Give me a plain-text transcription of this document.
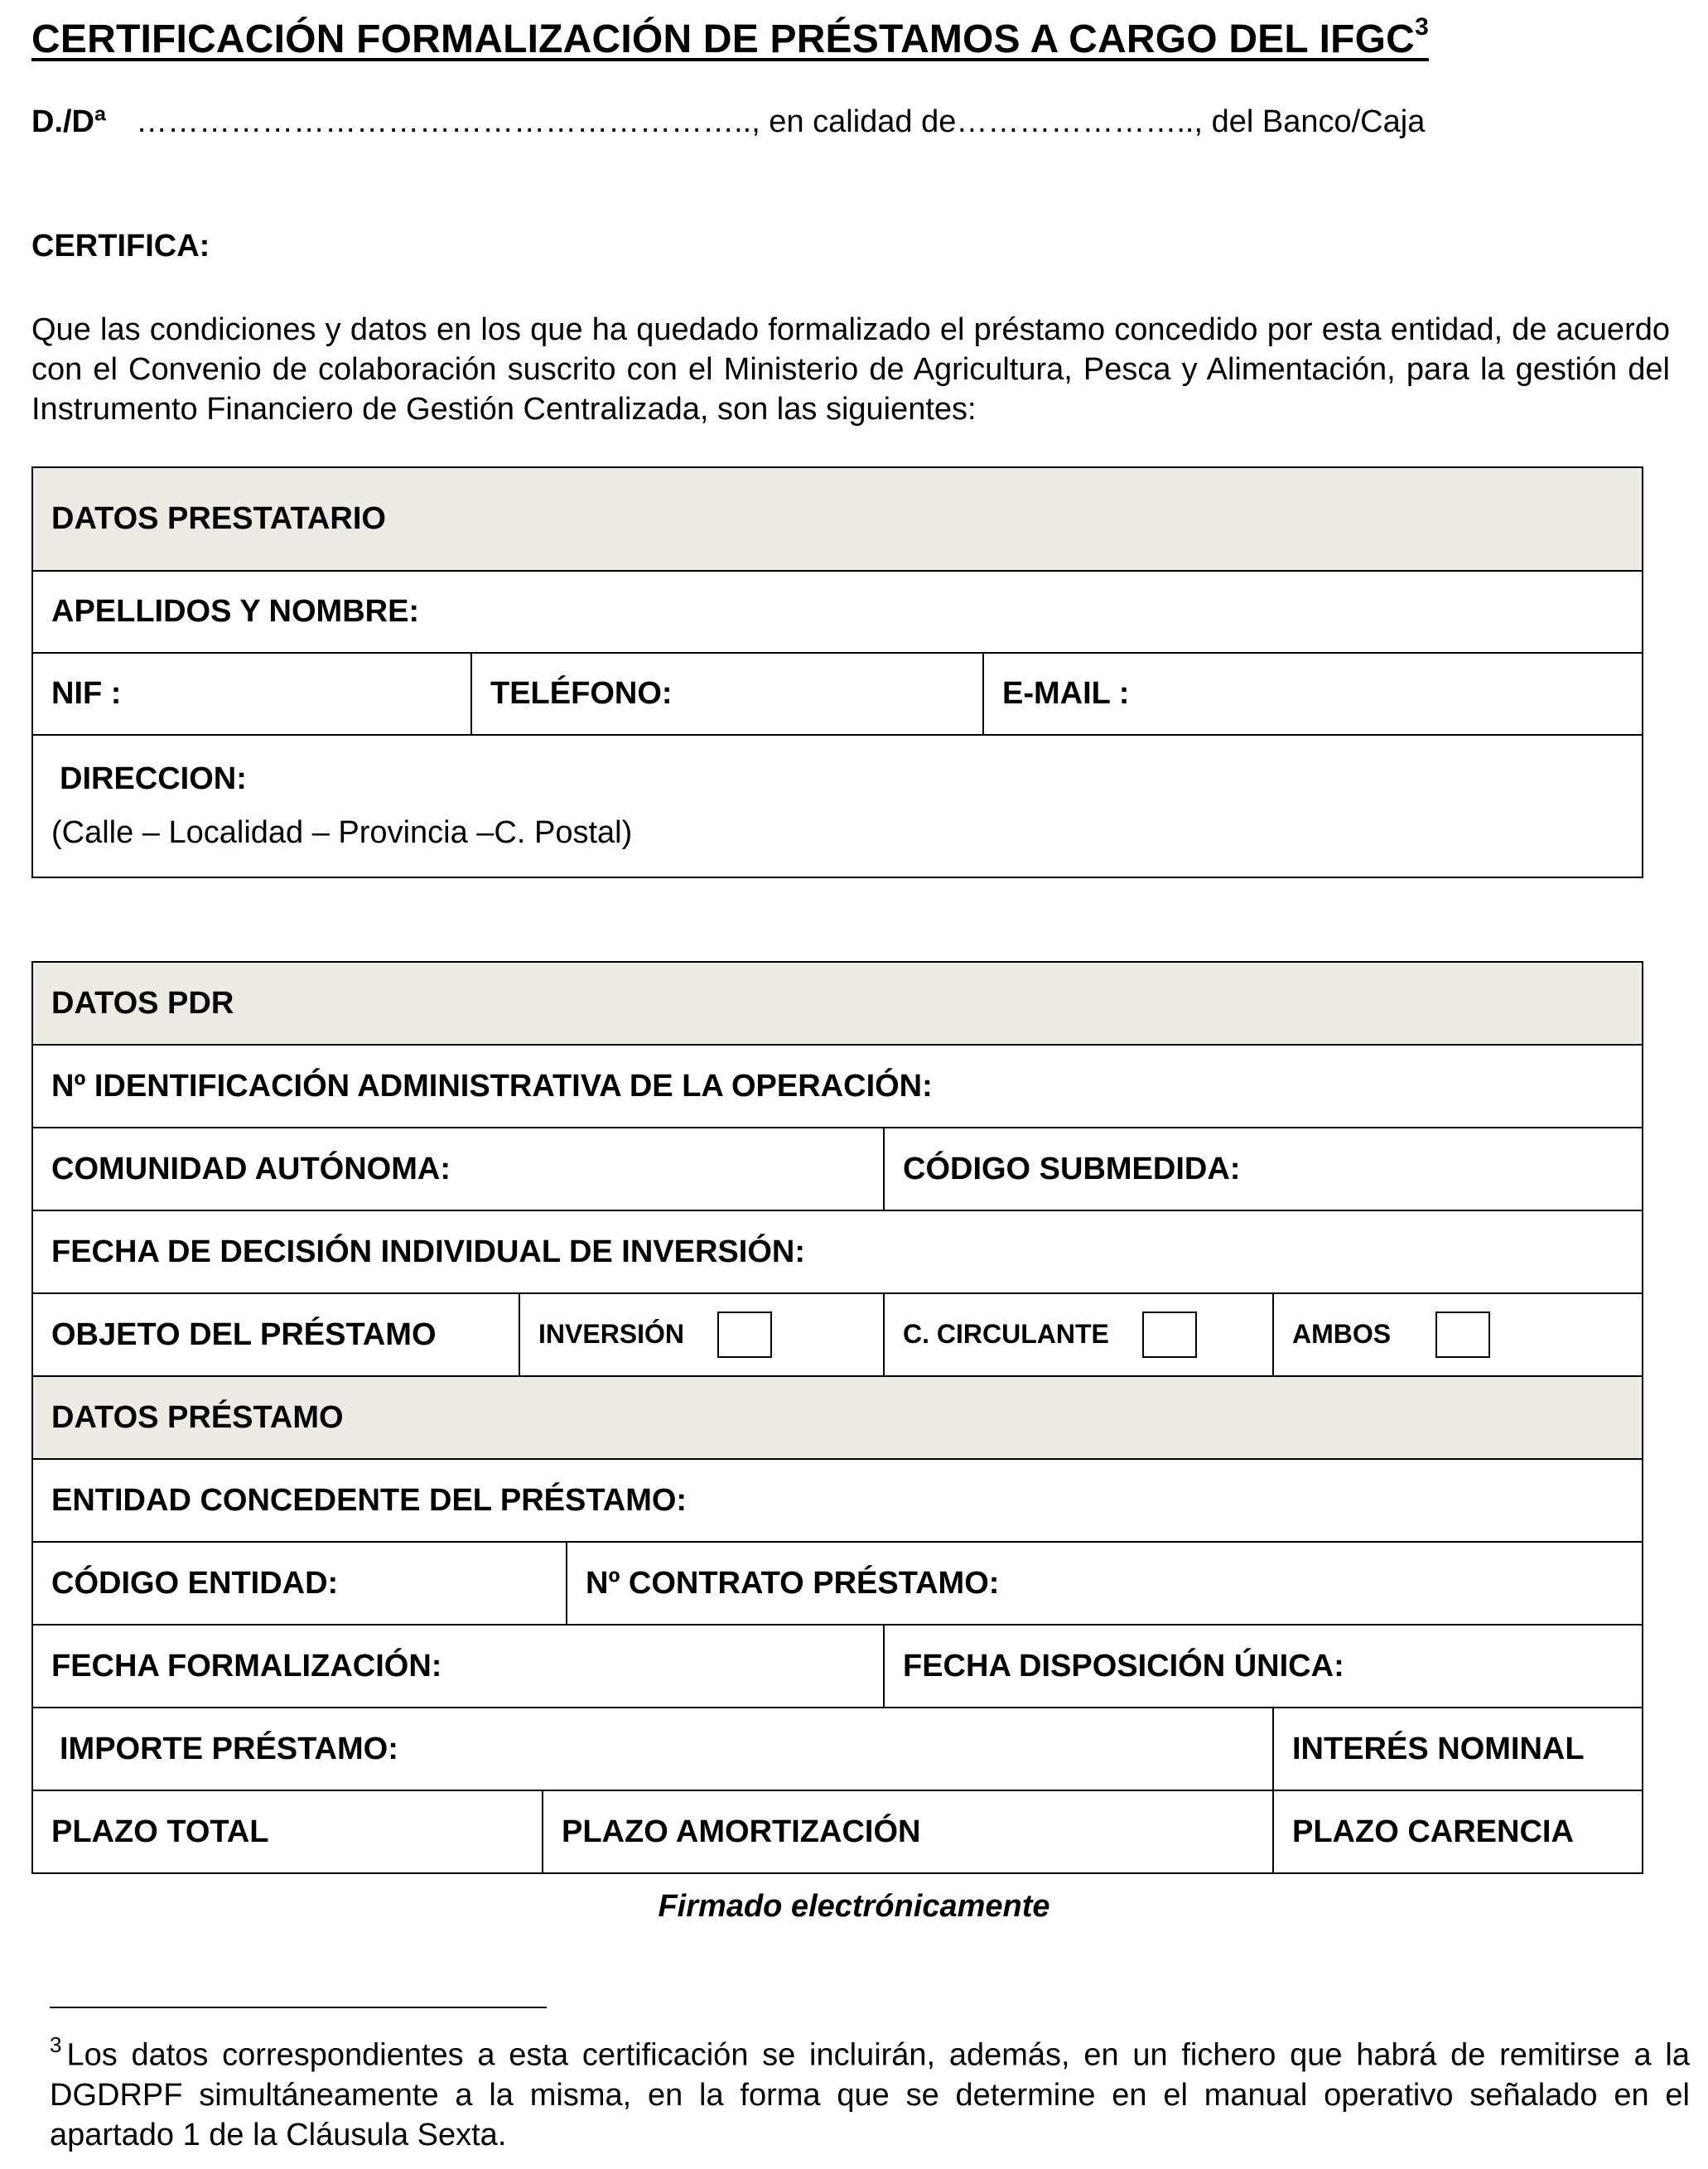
CERTIFICACIÓN FORMALIZACIÓN DE PRÉSTAMOS A CARGO DEL IFGC$^3$
D./Dª ………………………………………………….., en calidad de………………….., del Banco/Caja
CERTIFICA:
Que las condiciones y datos en los que ha quedado formalizado el préstamo concedido por esta entidad, de acuerdo con el Convenio de colaboración suscrito con el Ministerio de Agricultura, Pesca y Alimentación, para la gestión del Instrumento Financiero de Gestión Centralizada, son las siguientes:
DATOS PRESTATARIO
APELLIDOS Y NOMBRE:
NIF :	TELÉFONO:	E-MAIL :

DIRECCION:
(Calle – Localidad – Provincia –C. Postal)
DATOS PDR					
Nº IDENTIFICACIÓN ADMINISTRATIVA DE LA OPERACIÓN:					
COMUNIDAD AUTÓNOMA:				CÓDIGO SUBMEDIDA:	
FECHA DE DECISIÓN INDIVIDUAL DE INVERSIÓN:					
OBJETO DEL PRÉSTAMO	INVERSIÓN			C. CIRCULANTE	AMBOS
DATOS PRÉSTAMO					
ENTIDAD CONCEDENTE DEL PRÉSTAMO:					
CÓDIGO ENTIDAD:			Nº CONTRATO PRÉSTAMO:		
FECHA FORMALIZACIÓN:				FECHA DISPOSICIÓN ÚNICA:	
IMPORTE PRÉSTAMO:					INTERÉS NOMINAL
PLAZO TOTAL		PLAZO AMORTIZACIÓN			PLAZO CARENCIA
Firmado electrónicamente
$^3$ Los datos correspondientes a esta certificación se incluirán, además, en un fichero que habrá de remitirse a la DGDRPF simultáneamente a la misma, en la forma que se determine en el manual operativo señalado en el apartado 1 de la Cláusula Sexta.
